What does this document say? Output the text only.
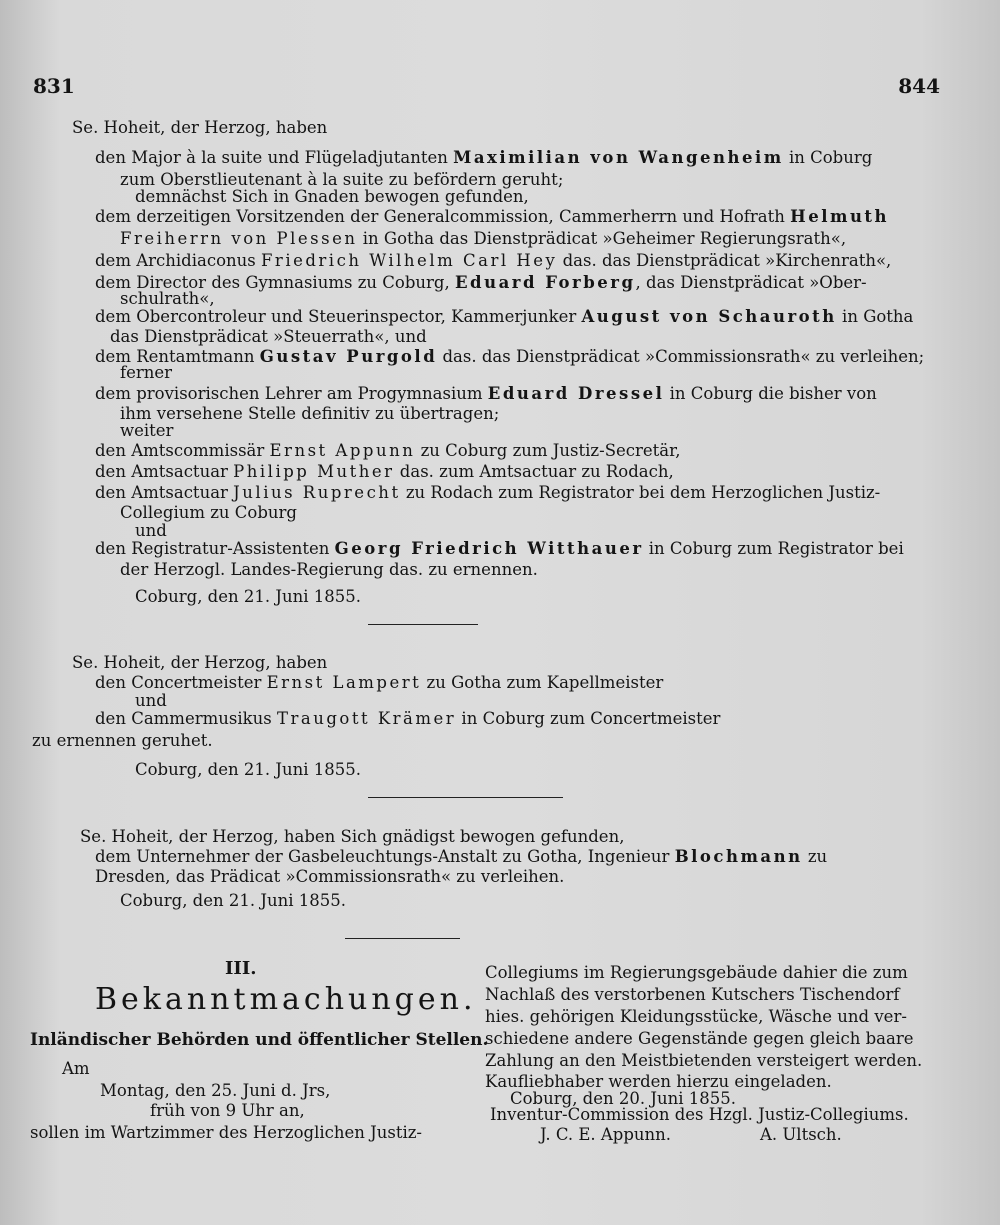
831	844
Se. Hoheit, der Herzog, haben
den Major à la suite und Flügeladjutanten Maximilian von Wangenheim in Coburg
zum Oberstlieutenant à la suite zu befördern geruht;
demnächst Sich in Gnaden bewogen gefunden,
dem derzeitigen Vorsitzenden der Generalcommission, Cammerherrn und Hofrath Helmuth
Freiherrn von Plessen in Gotha das Dienstprädicat »Geheimer Regierungsrath«,
dem Archidiaconus Friedrich Wilhelm Carl Hey das. das Dienstprädicat »Kirchenrath«,
dem Director des Gymnasiums zu Coburg, Eduard Forberg, das Dienstprädicat »Ober-
schulrath«,
dem Obercontroleur und Steuerinspector, Kammerjunker August von Schauroth in Gotha
das Dienstprädicat »Steuerrath«, und
dem Rentamtmann Gustav Purgold das. das Dienstprädicat »Commissionsrath« zu verleihen;
ferner
dem provisorischen Lehrer am Progymnasium Eduard Dressel in Coburg die bisher von
ihm versehene Stelle definitiv zu übertragen;
weiter
den Amtscommissär Ernst Appunn zu Coburg zum Justiz-Secretär,
den Amtsactuar Philipp Muther das. zum Amtsactuar zu Rodach,
den Amtsactuar Julius Ruprecht zu Rodach zum Registrator bei dem Herzoglichen Justiz-
Collegium zu Coburg
und
den Registratur-Assistenten Georg Friedrich Witthauer in Coburg zum Registrator bei
der Herzogl. Landes-Regierung das. zu ernennen.
Coburg, den 21. Juni 1855.
Se. Hoheit, der Herzog, haben
den Concertmeister Ernst Lampert zu Gotha zum Kapellmeister
und
den Cammermusikus Traugott Krämer in Coburg zum Concertmeister
zu ernennen geruhet.
Coburg, den 21. Juni 1855.
Se. Hoheit, der Herzog, haben Sich gnädigst bewogen gefunden,
dem Unternehmer der Gasbeleuchtungs-Anstalt zu Gotha, Ingenieur Blochmann zu
Dresden, das Prädicat »Commissionsrath« zu verleihen.
Coburg, den 21. Juni 1855.
III.
Bekanntmachungen.
Inländischer Behörden und öffentlicher Stellen.
Am
Montag, den 25. Juni d. Jrs,
früh von 9 Uhr an,
sollen im Wartzimmer des Herzoglichen Justiz-
Collegiums im Regierungsgebäude dahier die zum
Nachlaß des verstorbenen Kutschers Tischendorf
hies. gehörigen Kleidungsstücke, Wäsche und ver-
schiedene andere Gegenstände gegen gleich baare
Zahlung an den Meistbietenden versteigert werden.
Kaufliebhaber werden hierzu eingeladen.
Coburg, den 20. Juni 1855.
Inventur-Commission des Hzgl. Justiz-Collegiums.
J. C. E. Appunn.	A. Ultsch.
